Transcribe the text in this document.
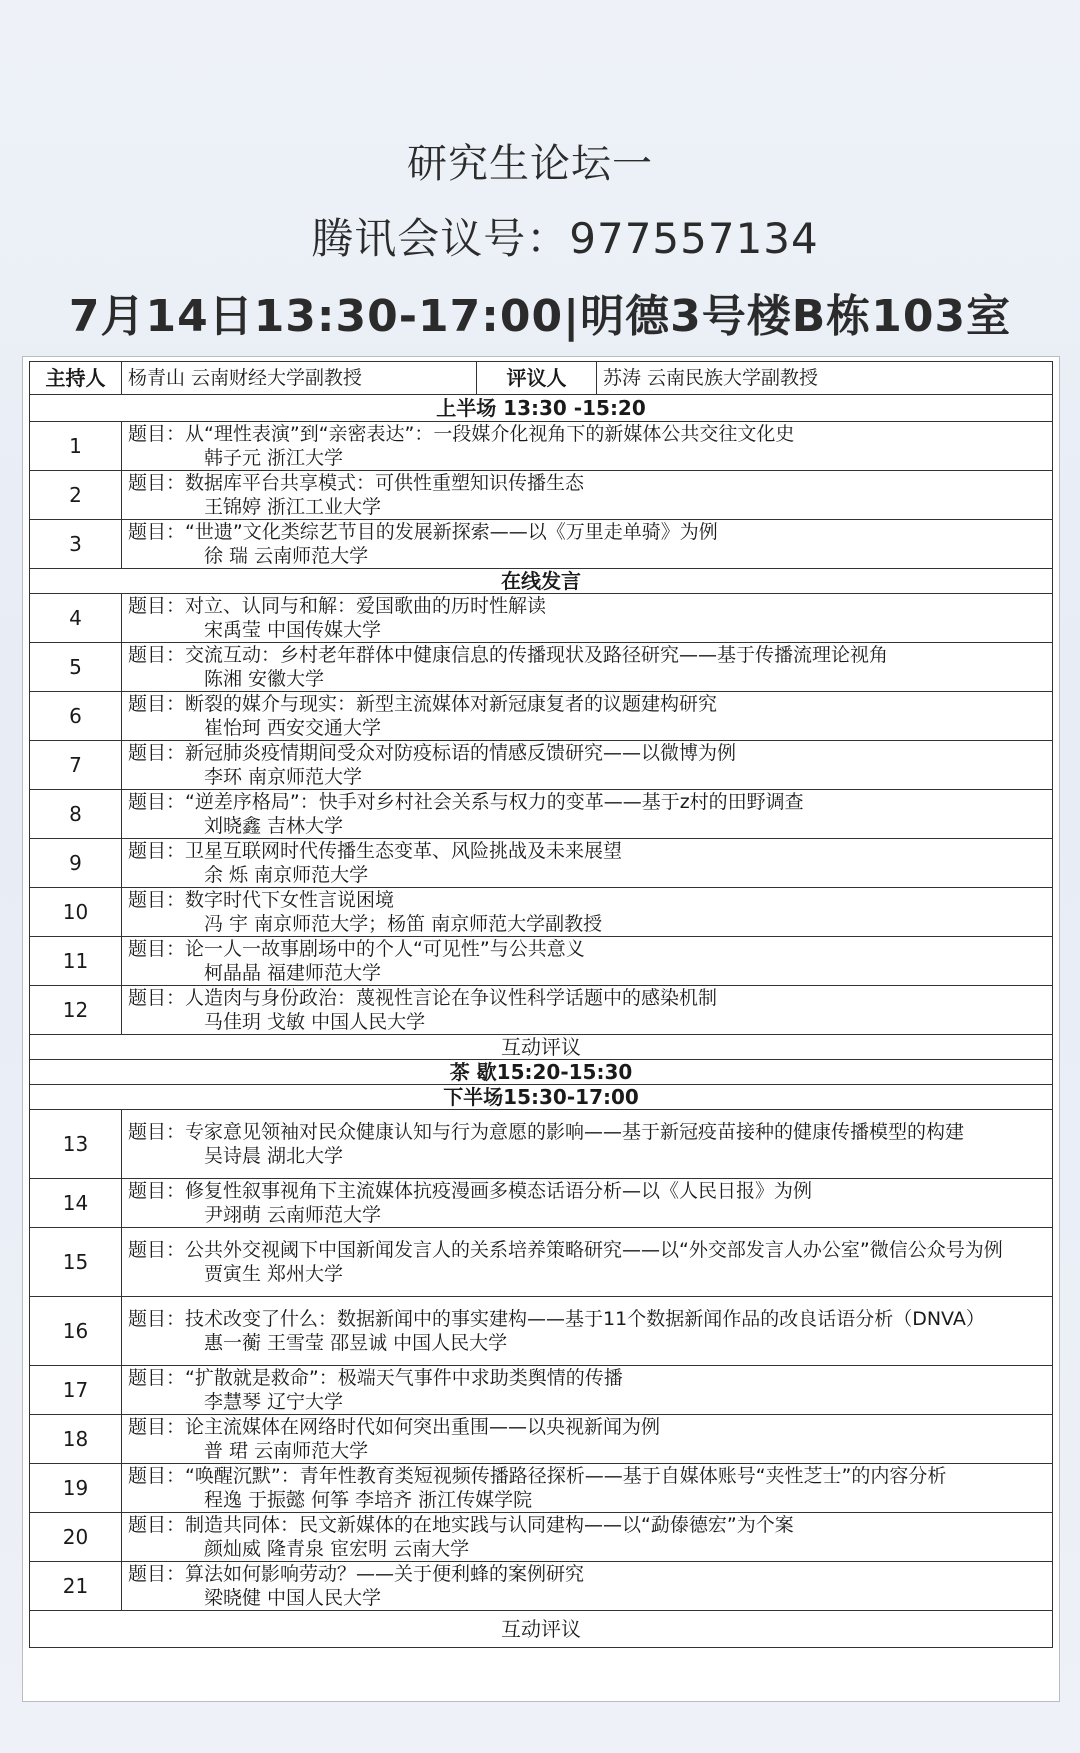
研究生论坛一
腾讯会议号：977557134
7月14日13:30-17:00|明德3号楼B栋103室
主持人	杨青山 云南财经大学副教授	评议人	苏涛 云南民族大学副教授
上半场 13:30 -15:20			
1	题目：从“理性表演”到“亲密表达”：一段媒介化视角下的新媒体公共交往文化史
韩子元 浙江大学		

2	题目：数据库平台共享模式：可供性重塑知识传播生态
王锦婷 浙江工业大学		

3	题目：“世遗”文化类综艺节目的发展新探索——以《万里走单骑》为例
徐 瑞 云南师范大学		

在线发言			
4	题目：对立、认同与和解：爱国歌曲的历时性解读
宋禹莹 中国传媒大学		

5	题目：交流互动：乡村老年群体中健康信息的传播现状及路径研究——基于传播流理论视角
陈湘 安徽大学		

6	题目：断裂的媒介与现实：新型主流媒体对新冠康复者的议题建构研究
崔怡珂 西安交通大学		

7	题目：新冠肺炎疫情期间受众对防疫标语的情感反馈研究——以微博为例
李环 南京师范大学		

8	题目：“逆差序格局”：快手对乡村社会关系与权力的变革——基于z村的田野调查
刘晓鑫 吉林大学		

9	题目：卫星互联网时代传播生态变革、风险挑战及未来展望
余 烁 南京师范大学		

10	题目：数字时代下女性言说困境
冯 宇 南京师范大学；杨笛 南京师范大学副教授		

11	题目：论一人一故事剧场中的个人“可见性”与公共意义
柯晶晶 福建师范大学		

12	题目：人造肉与身份政治：蔑视性言论在争议性科学话题中的感染机制
马佳玥 戈敏 中国人民大学		

互动评议			
茶 歇15:20-15:30			
下半场15:30-17:00			
13	题目：专家意见领袖对民众健康认知与行为意愿的影响——基于新冠疫苗接种的健康传播模型的构建
吴诗晨 湖北大学		

14	题目：修复性叙事视角下主流媒体抗疫漫画多模态话语分析—以《人民日报》为例
尹翊萌 云南师范大学		

15	题目：公共外交视阈下中国新闻发言人的关系培养策略研究——以“外交部发言人办公室”微信公众号为例
贾寅生 郑州大学		

16	题目：技术改变了什么：数据新闻中的事实建构——基于11个数据新闻作品的改良话语分析（DNVA）
惠一蘅 王雪莹 邵昱诚 中国人民大学		

17	题目：“扩散就是救命”：极端天气事件中求助类舆情的传播
李慧琴 辽宁大学		

18	题目：论主流媒体在网络时代如何突出重围——以央视新闻为例
普 珺 云南师范大学		

19	题目：“唤醒沉默”：青年性教育类短视频传播路径探析——基于自媒体账号“夹性芝士”的内容分析
程逸 于振懿 何筝 李培齐 浙江传媒学院		

20	题目：制造共同体：民文新媒体的在地实践与认同建构——以“勐傣德宏”为个案
颜灿威 隆青泉 宦宏明 云南大学		

21	题目：算法如何影响劳动？——关于便利蜂的案例研究
梁晓健 中国人民大学		

互动评议			
